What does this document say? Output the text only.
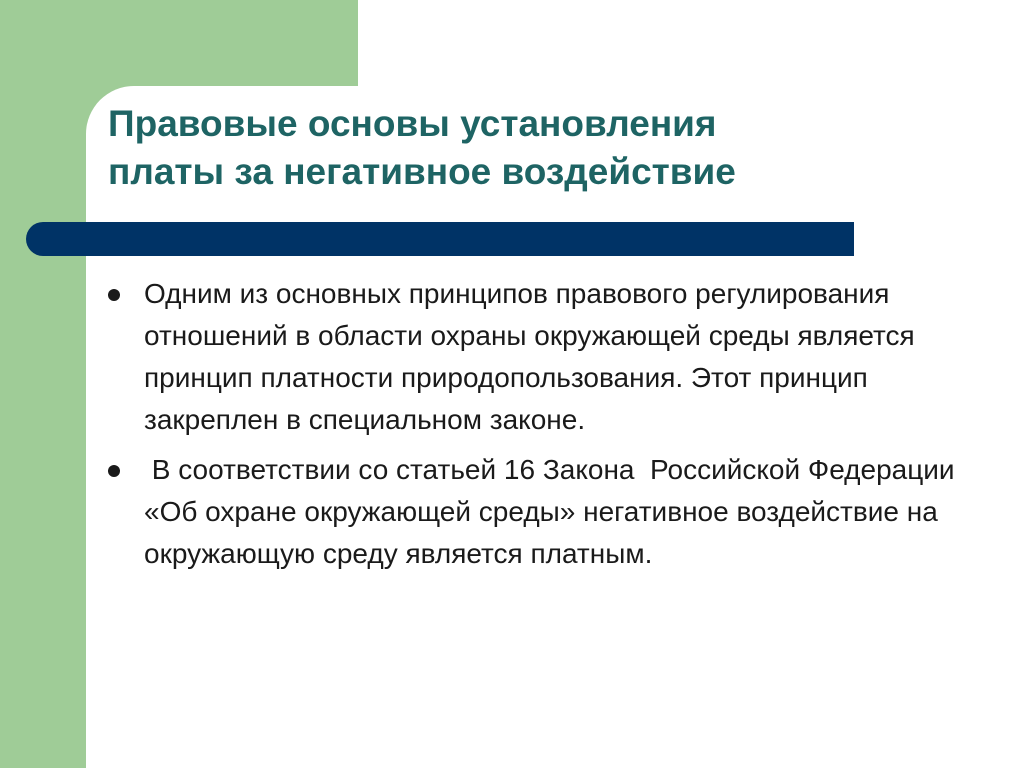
Правовые основы установления
платы за негативное воздействие
Одним из основных принципов правового регулирования отношений в области охраны окружающей среды является принцип платности природопользования. Этот принцип закреплен в специальном законе.
В соответствии со статьей 16 Закона  Российской Федерации «Об охране окружающей среды» негативное воздействие на окружающую среду является платным.
